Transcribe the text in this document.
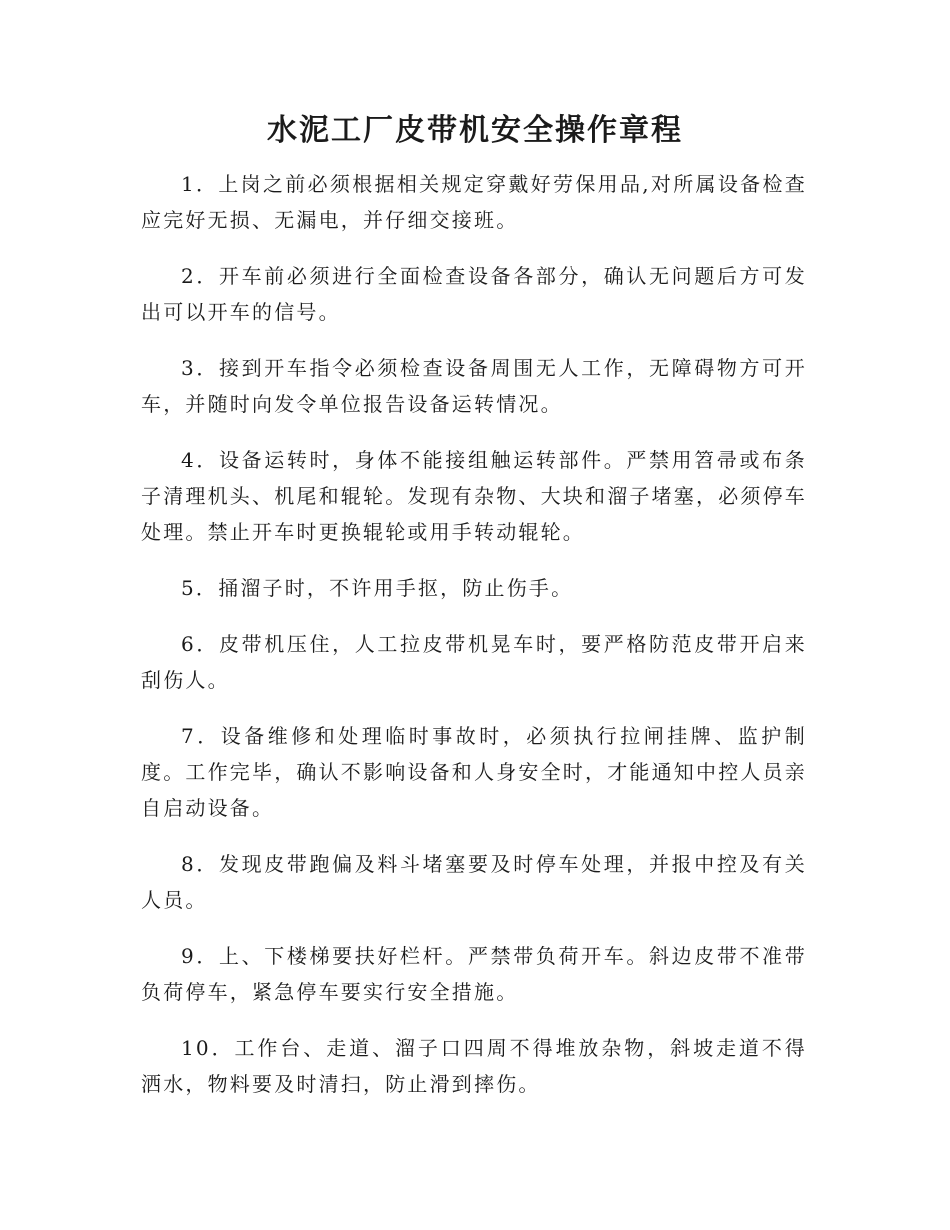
水泥工厂皮带机安全操作章程

1．上岗之前必须根据相关规定穿戴好劳保用品,对所属设备检查应完好无损、无漏电，并仔细交接班。

2．开车前必须进行全面检查设备各部分，确认无问题后方可发出可以开车的信号。

3．接到开车指令必须检查设备周围无人工作，无障碍物方可开车，并随时向发令单位报告设备运转情况。

4．设备运转时，身体不能接组触运转部件。严禁用笤帚或布条子清理机头、机尾和辊轮。发现有杂物、大块和溜子堵塞，必须停车处理。禁止开车时更换辊轮或用手转动辊轮。

5．捅溜子时，不许用手抠，防止伤手。

6．皮带机压住，人工拉皮带机晃车时，要严格防范皮带开启来刮伤人。

7．设备维修和处理临时事故时，必须执行拉闸挂牌、监护制度。工作完毕，确认不影响设备和人身安全时，才能通知中控人员亲自启动设备。

8．发现皮带跑偏及料斗堵塞要及时停车处理，并报中控及有关人员。

9．上、下楼梯要扶好栏杆。严禁带负荷开车。斜边皮带不准带负荷停车，紧急停车要实行安全措施。

10．工作台、走道、溜子口四周不得堆放杂物，斜坡走道不得洒水，物料要及时清扫，防止滑到摔伤。
